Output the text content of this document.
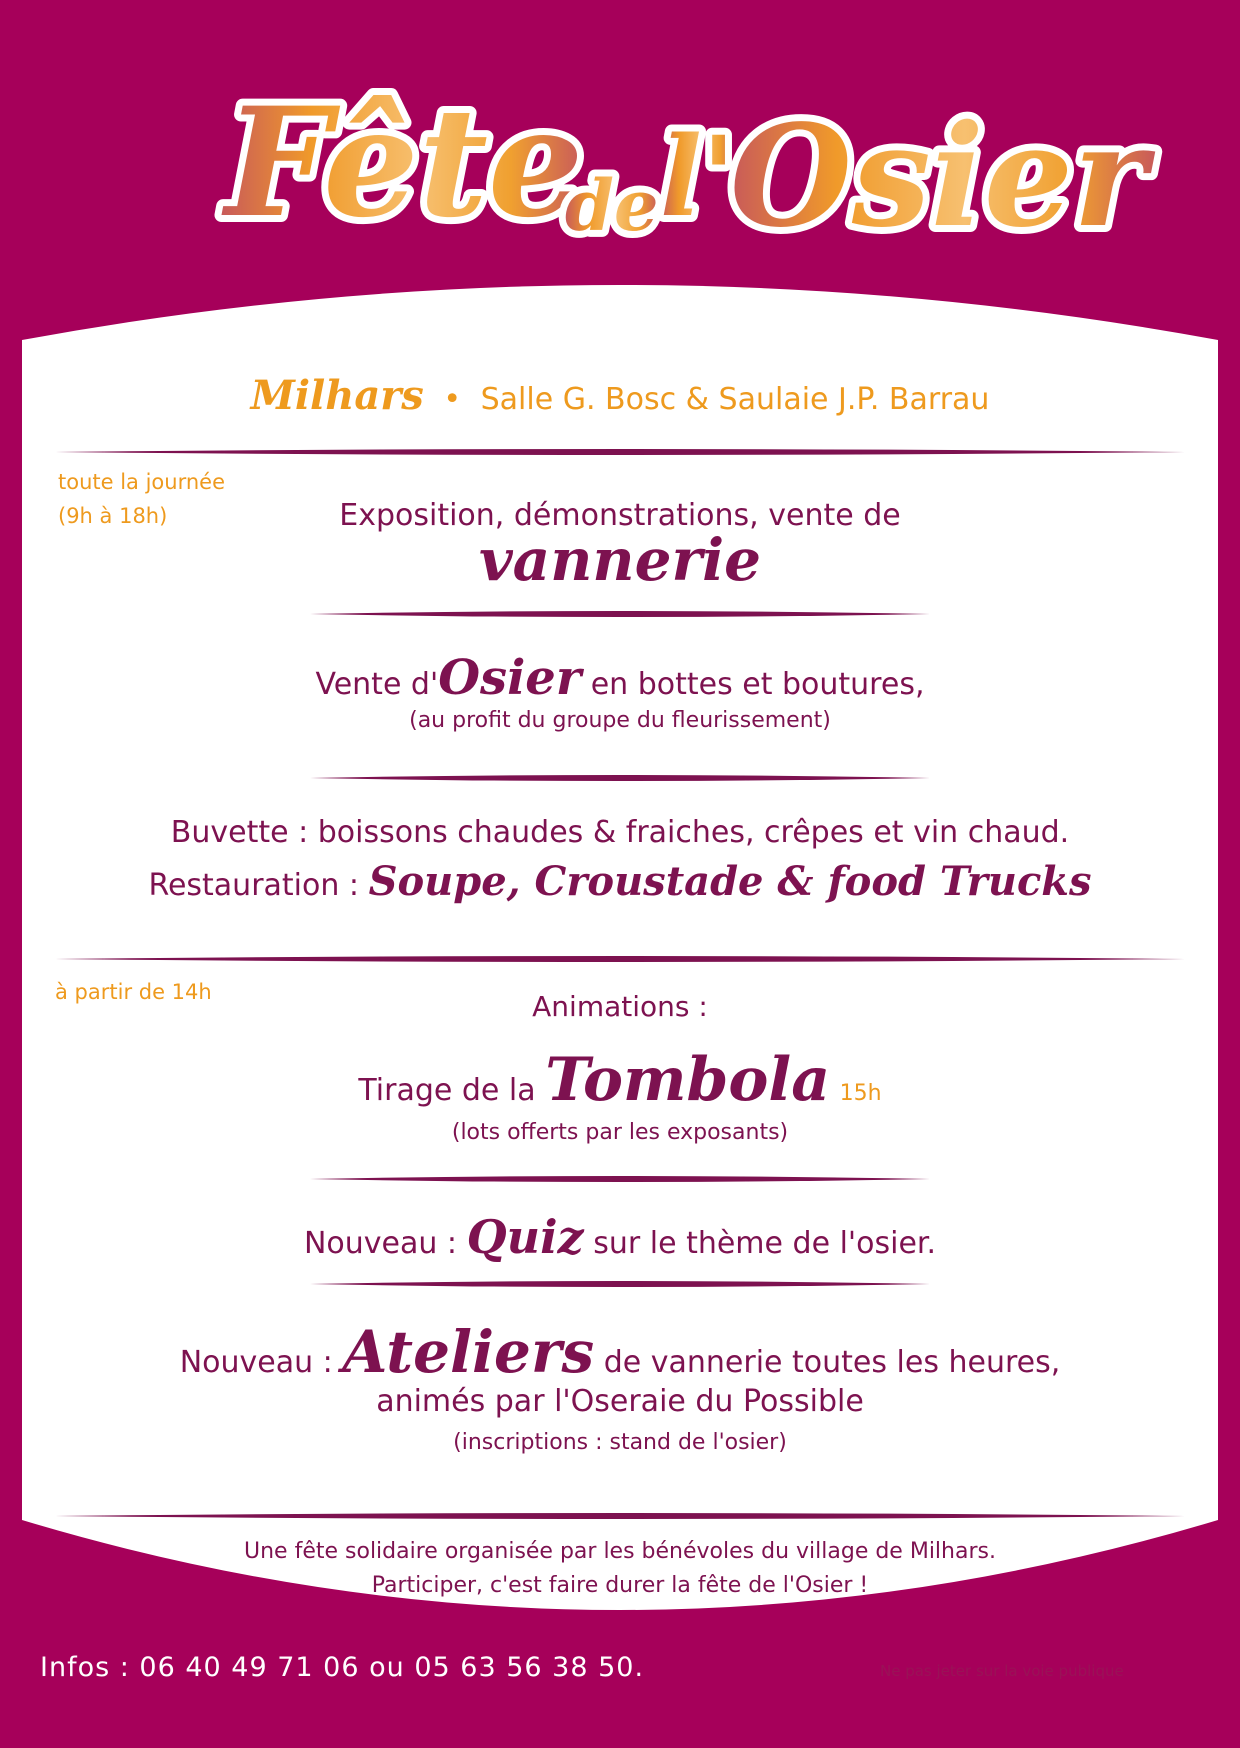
Fête
de l'
Osier
Milhars • Salle G. Bosc & Saulaie J.P. Barrau
toute la journée
(9h à 18h)	Exposition, démonstrations, vente de
vannerie
Vente d'Osier en bottes et boutures,
(au profit du groupe du fleurissement)
Buvette : boissons chaudes & fraiches, crêpes et vin chaud.
Restauration : Soupe, Croustade & food Trucks
à partir de 14h	Animations :
Tirage de la Tombola 15h
(lots offerts par les exposants)
Nouveau : Quiz sur le thème de l'osier.
Nouveau : Ateliers de vannerie toutes les heures,
animés par l'Oseraie du Possible
(inscriptions : stand de l'osier)
Une fête solidaire organisée par les bénévoles du village de Milhars.
Participer, c'est faire durer la fête de l'Osier !
Infos : 06 40 49 71 06 ou 05 63 56 38 50.	Ne pas jeter sur la voie publique
